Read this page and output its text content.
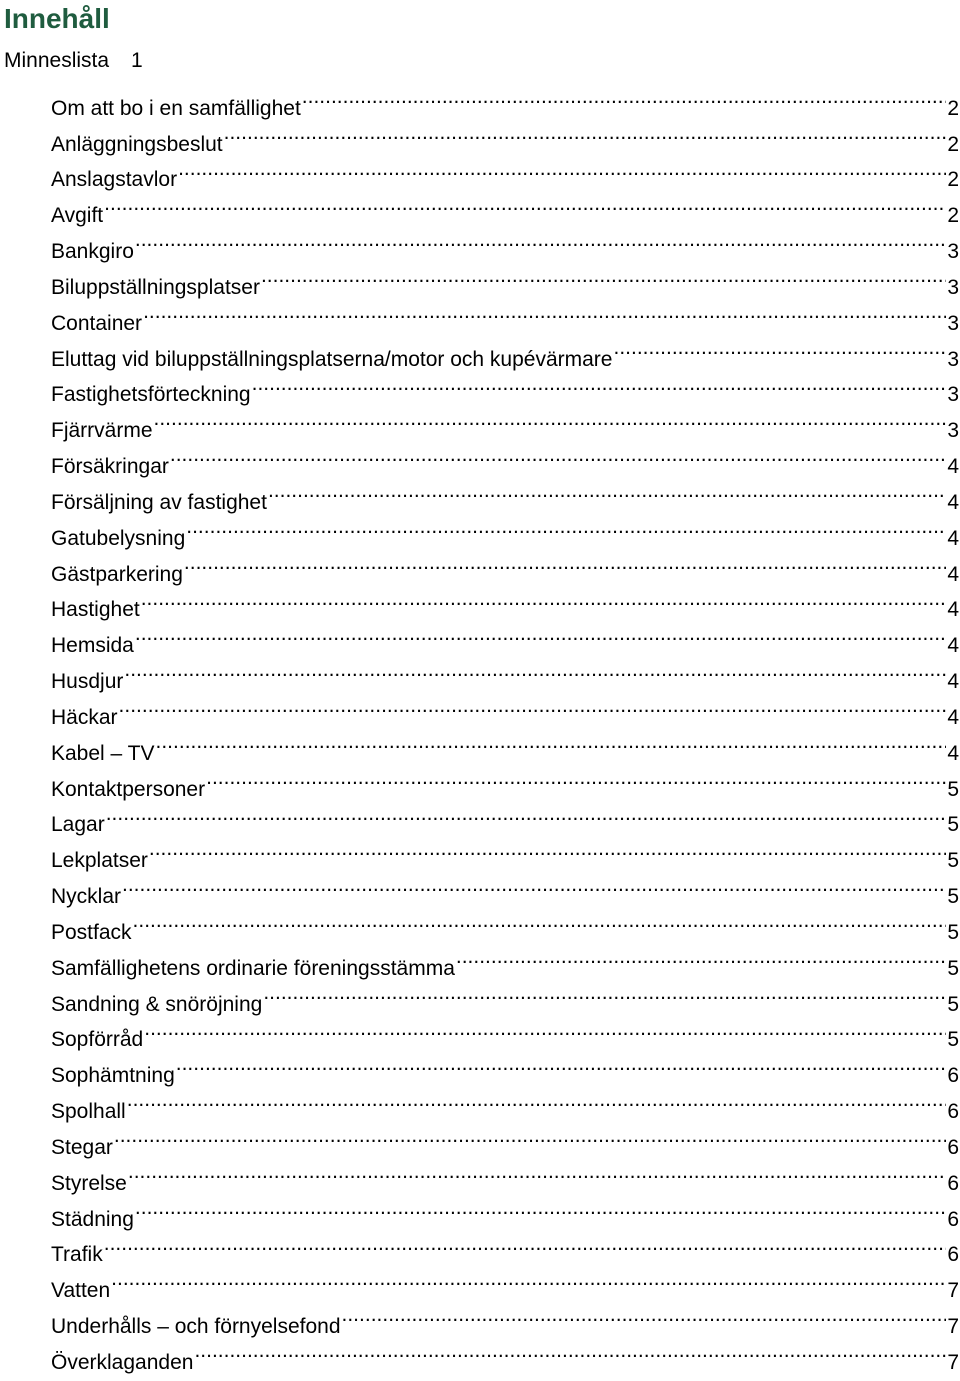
Innehåll
Minneslista 1
Om att bo i en samfällighet .....	2
Anläggningsbeslut .....	2
Anslagstavlor .....	2
Avgift .....	2
Bankgiro .....	3
Biluppställningsplatser .....	3
Container .....	3
Eluttag vid biluppställningsplatserna/motor och kupévärmare .....	3
Fastighetsförteckning .....	3
Fjärrvärme .....	3
Försäkringar .....	4
Försäljning av fastighet .....	4
Gatubelysning .....	4
Gästparkering .....	4
Hastighet .....	4
Hemsida .....	4
Husdjur .....	4
Häckar .....	4
Kabel – TV .....	4
Kontaktpersoner .....	5
Lagar .....	5
Lekplatser .....	5
Nycklar .....	5
Postfack .....	5
Samfällighetens ordinarie föreningsstämma .....	5
Sandning & snöröjning .....	5
Sopförråd .....	5
Sophämtning .....	6
Spolhall .....	6
Stegar .....	6
Styrelse .....	6
Städning .....	6
Trafik .....	6
Vatten .....	7
Underhålls – och förnyelsefond .....	7
Överklaganden .....	7
